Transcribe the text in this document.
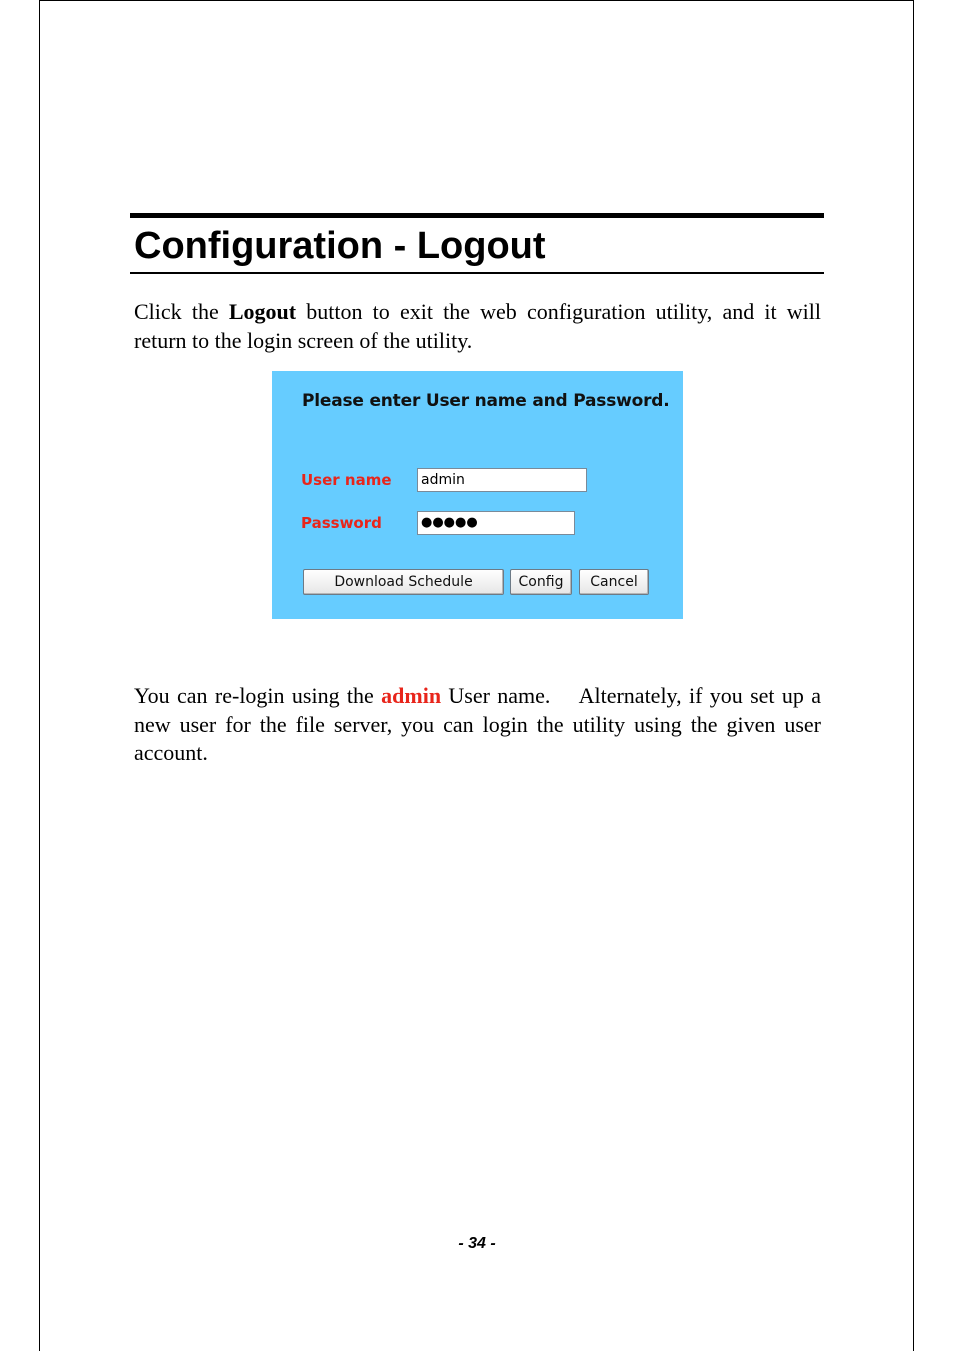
Configuration - Logout

Click the Logout button to exit the web configuration utility, and it will return to the login screen of the utility.

Please enter User name and Password.

User name admin
Password	●●●●●
Download Schedule	Config	Cancel

You can re-login using the admin User name.    Alternately, if you set up a new user for the file server, you can login the utility using the given user account.

- 34 -
